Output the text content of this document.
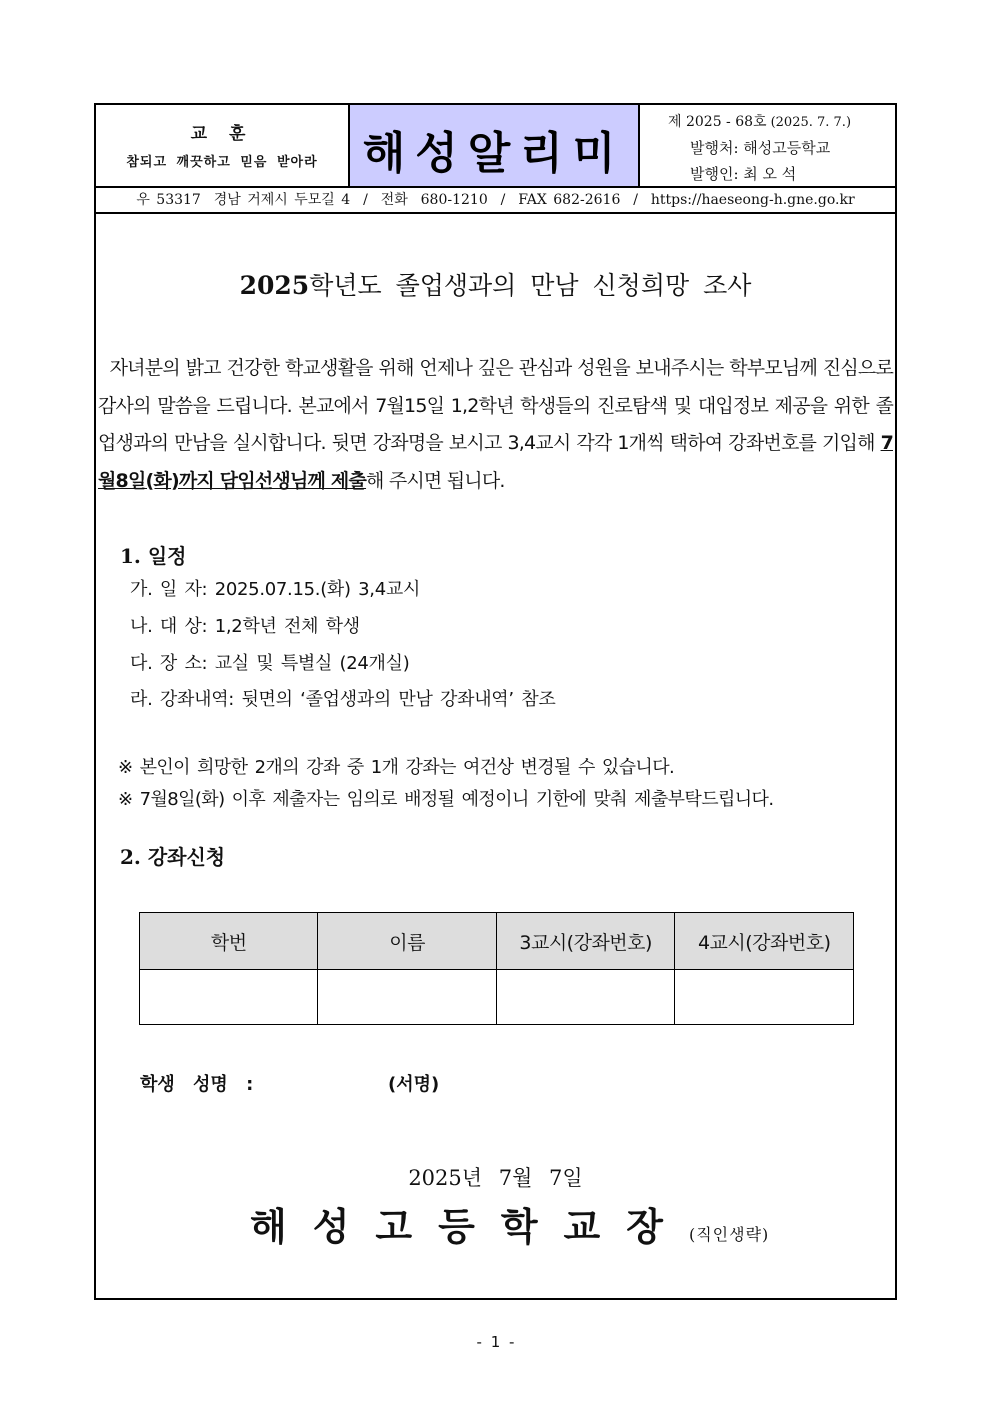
교 훈
참되고 깨끗하고 믿음 받아라	해성알리미
제 2025 - 68호 (2025. 7. 7.)
발행처: 해성고등학교
발행인: 최 오 석
우 53317  경남 거제시 두모길 4  /  전화  680-1210  /  FAX 682-2616  /  https://haeseong-h.gne.go.kr
2025학년도 졸업생과의 만남 신청희망 조사
자녀분의 밝고 건강한 학교생활을 위해 언제나 깊은 관심과 성원을 보내주시는 학부모님께 진심으로 감사의 말씀을 드립니다. 본교에서 7월15일 1,2학년 학생들의 진로탐색 및 대입정보 제공을 위한 졸업생과의 만남을 실시합니다. 뒷면 강좌명을 보시고 3,4교시 각각 1개씩 택하여 강좌번호를 기입해 7월8일(화)까지 담임선생님께 제출해 주시면 됩니다.
1. 일정
가. 일 자: 2025.07.15.(화) 3,4교시
나. 대 상: 1,2학년 전체 학생
다. 장 소: 교실 및 특별실 (24개실)
라. 강좌내역: 뒷면의 ‘졸업생과의 만남 강좌내역’ 참조
※ 본인이 희망한 2개의 강좌 중 1개 강좌는 여건상 변경될 수 있습니다.
※ 7월8일(화) 이후 제출자는 임의로 배정될 예정이니 기한에 맞춰 제출부탁드립니다.
2. 강좌신청
학번	이름	3교시(강좌번호)	4교시(강좌번호)

학생 성명 :	(서명)
2025년 7월 7일
해성고등학교장(직인생략)
- 1 -
